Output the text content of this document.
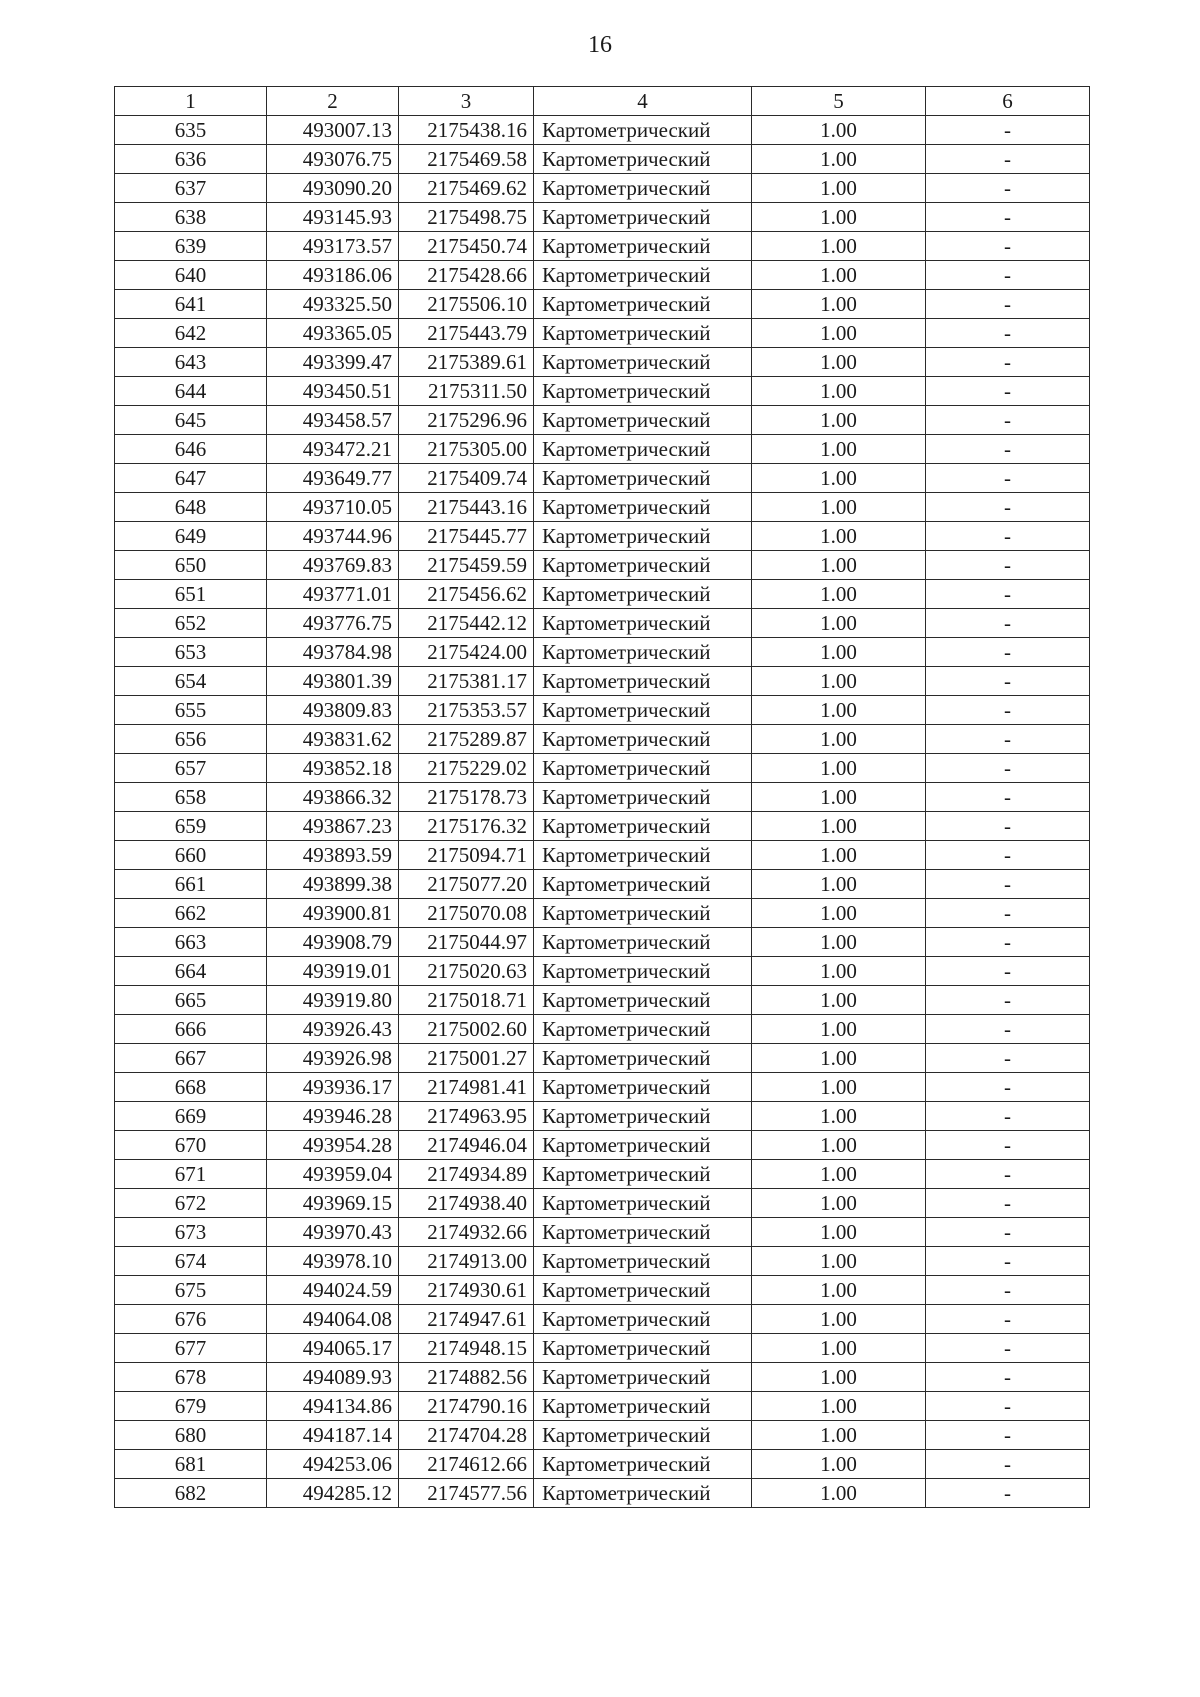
16
1	2	3	4	5	6
635	493007.13	2175438.16	Картометрический	1.00	-
636	493076.75	2175469.58	Картометрический	1.00	-
637	493090.20	2175469.62	Картометрический	1.00	-
638	493145.93	2175498.75	Картометрический	1.00	-
639	493173.57	2175450.74	Картометрический	1.00	-
640	493186.06	2175428.66	Картометрический	1.00	-
641	493325.50	2175506.10	Картометрический	1.00	-
642	493365.05	2175443.79	Картометрический	1.00	-
643	493399.47	2175389.61	Картометрический	1.00	-
644	493450.51	2175311.50	Картометрический	1.00	-
645	493458.57	2175296.96	Картометрический	1.00	-
646	493472.21	2175305.00	Картометрический	1.00	-
647	493649.77	2175409.74	Картометрический	1.00	-
648	493710.05	2175443.16	Картометрический	1.00	-
649	493744.96	2175445.77	Картометрический	1.00	-
650	493769.83	2175459.59	Картометрический	1.00	-
651	493771.01	2175456.62	Картометрический	1.00	-
652	493776.75	2175442.12	Картометрический	1.00	-
653	493784.98	2175424.00	Картометрический	1.00	-
654	493801.39	2175381.17	Картометрический	1.00	-
655	493809.83	2175353.57	Картометрический	1.00	-
656	493831.62	2175289.87	Картометрический	1.00	-
657	493852.18	2175229.02	Картометрический	1.00	-
658	493866.32	2175178.73	Картометрический	1.00	-
659	493867.23	2175176.32	Картометрический	1.00	-
660	493893.59	2175094.71	Картометрический	1.00	-
661	493899.38	2175077.20	Картометрический	1.00	-
662	493900.81	2175070.08	Картометрический	1.00	-
663	493908.79	2175044.97	Картометрический	1.00	-
664	493919.01	2175020.63	Картометрический	1.00	-
665	493919.80	2175018.71	Картометрический	1.00	-
666	493926.43	2175002.60	Картометрический	1.00	-
667	493926.98	2175001.27	Картометрический	1.00	-
668	493936.17	2174981.41	Картометрический	1.00	-
669	493946.28	2174963.95	Картометрический	1.00	-
670	493954.28	2174946.04	Картометрический	1.00	-
671	493959.04	2174934.89	Картометрический	1.00	-
672	493969.15	2174938.40	Картометрический	1.00	-
673	493970.43	2174932.66	Картометрический	1.00	-
674	493978.10	2174913.00	Картометрический	1.00	-
675	494024.59	2174930.61	Картометрический	1.00	-
676	494064.08	2174947.61	Картометрический	1.00	-
677	494065.17	2174948.15	Картометрический	1.00	-
678	494089.93	2174882.56	Картометрический	1.00	-
679	494134.86	2174790.16	Картометрический	1.00	-
680	494187.14	2174704.28	Картометрический	1.00	-
681	494253.06	2174612.66	Картометрический	1.00	-
682	494285.12	2174577.56	Картометрический	1.00	-
